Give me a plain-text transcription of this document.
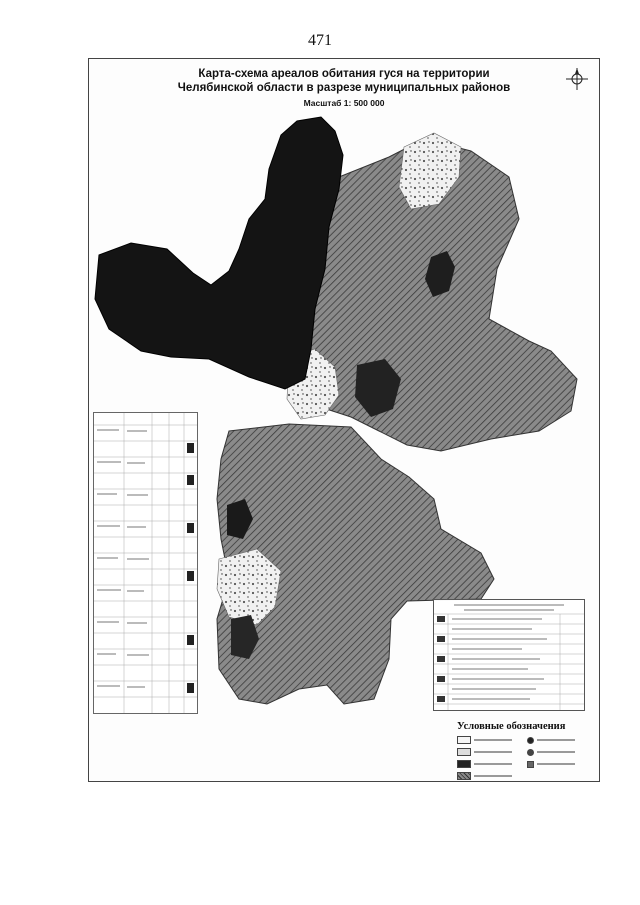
471
Карта-схема ареалов обитания гуся на территории
Челябинской области в разрезе муниципальных районов
Масштаб 1: 500 000
Условные обозначения
